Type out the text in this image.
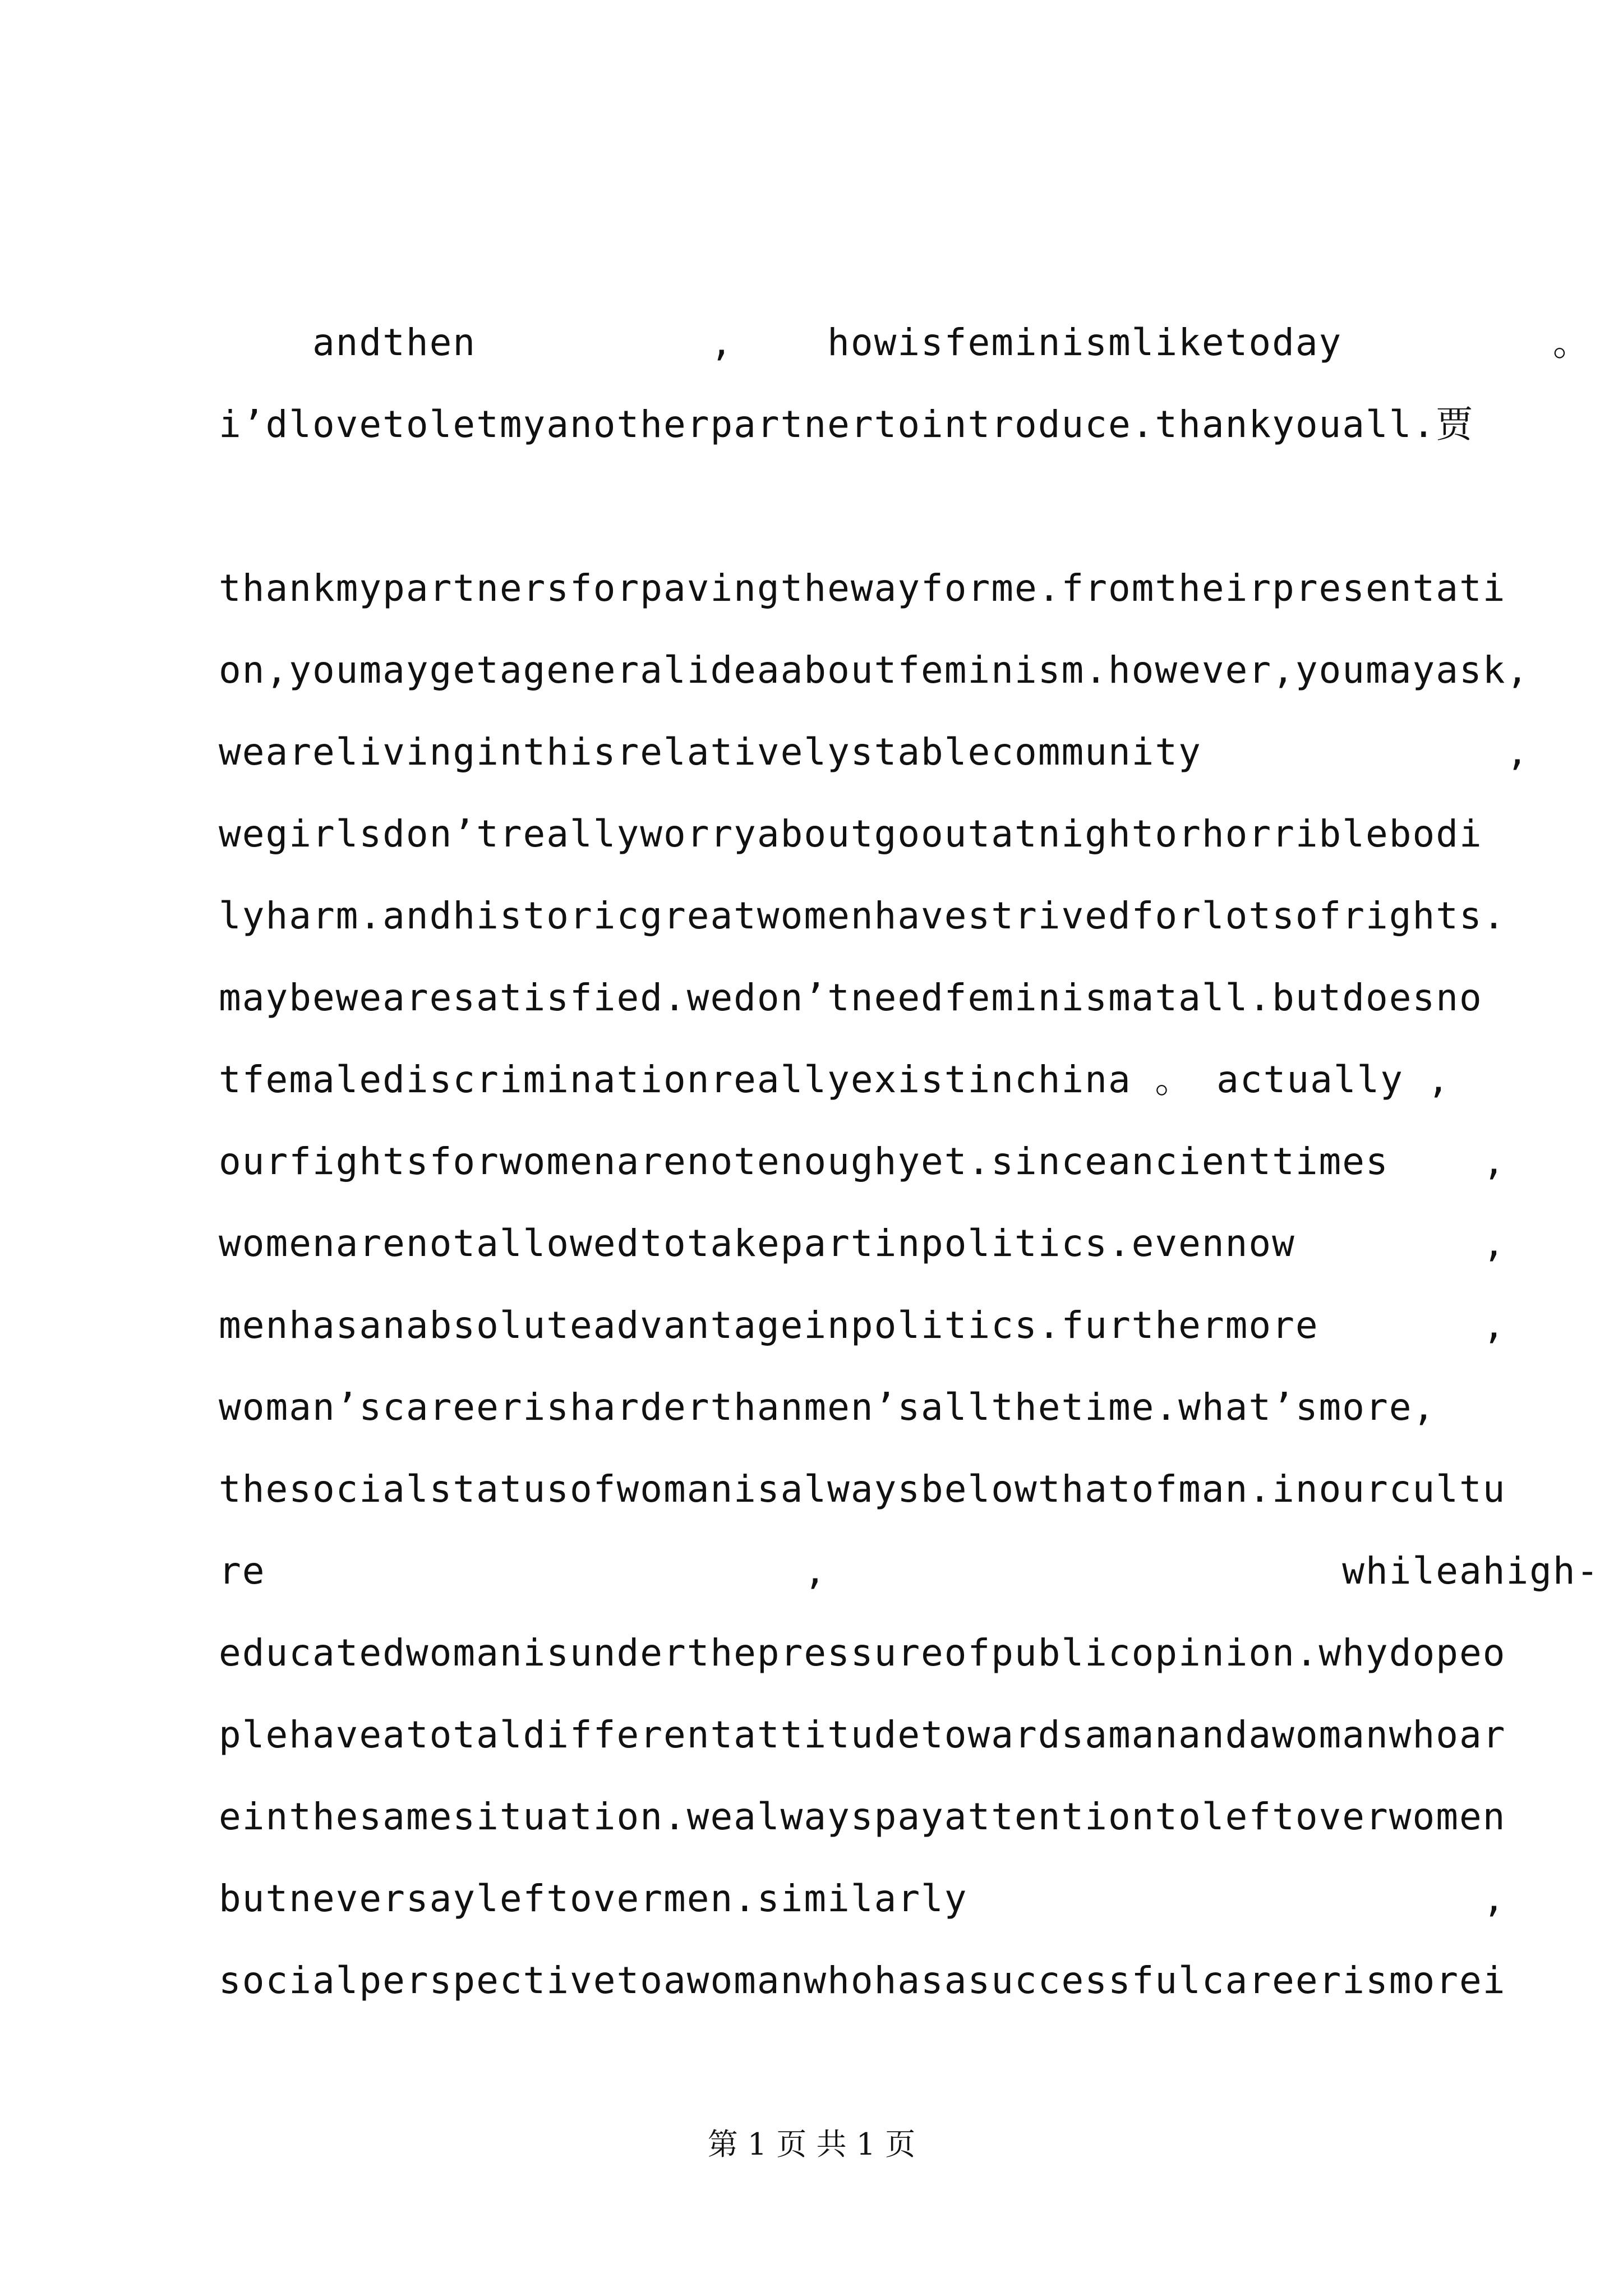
andthen          ,    howisfeminismliketoday         。
i’dlovetoletmyanotherpartnertointroduce.thankyouall.贾
thankmypartnersforpavingthewayforme.fromtheirpresentati
on,youmaygetageneralideaaboutfeminism.however,youmayask,
wearelivinginthisrelativelystablecommunity             ,
wegirlsdon’treallyworryaboutgooutatnightorhorriblebodi
lyharm.andhistoricgreatwomenhavestrivedforlotsofrights.
maybewearesatisfied.wedon’tneedfeminismatall.butdoesno
tfemalediscriminationreallyexistinchina 。 actually ,
ourfightsforwomenarenotenoughyet.sinceancienttimes    ,
womenarenotallowedtotakepartinpolitics.evennow        ,
menhasanabsoluteadvantageinpolitics.furthermore       ,
woman’scareerisharderthanmen’sallthetime.what’smore,
thesocialstatusofwomanisalwaysbelowthatofman.inourcultu
re                       ,                      whileahigh-
educatedwomanisunderthepressureofpublicopinion.whydopeo
plehaveatotaldifferentattitudetowardsamanandawomanwhoar
einthesamesituation.wealwayspayattentiontoleftoverwomen
butneversayleftovermen.similarly                      ,
socialperspectivetoawomanwhohasasuccessfulcareerismorei
第 1 页 共 1 页
